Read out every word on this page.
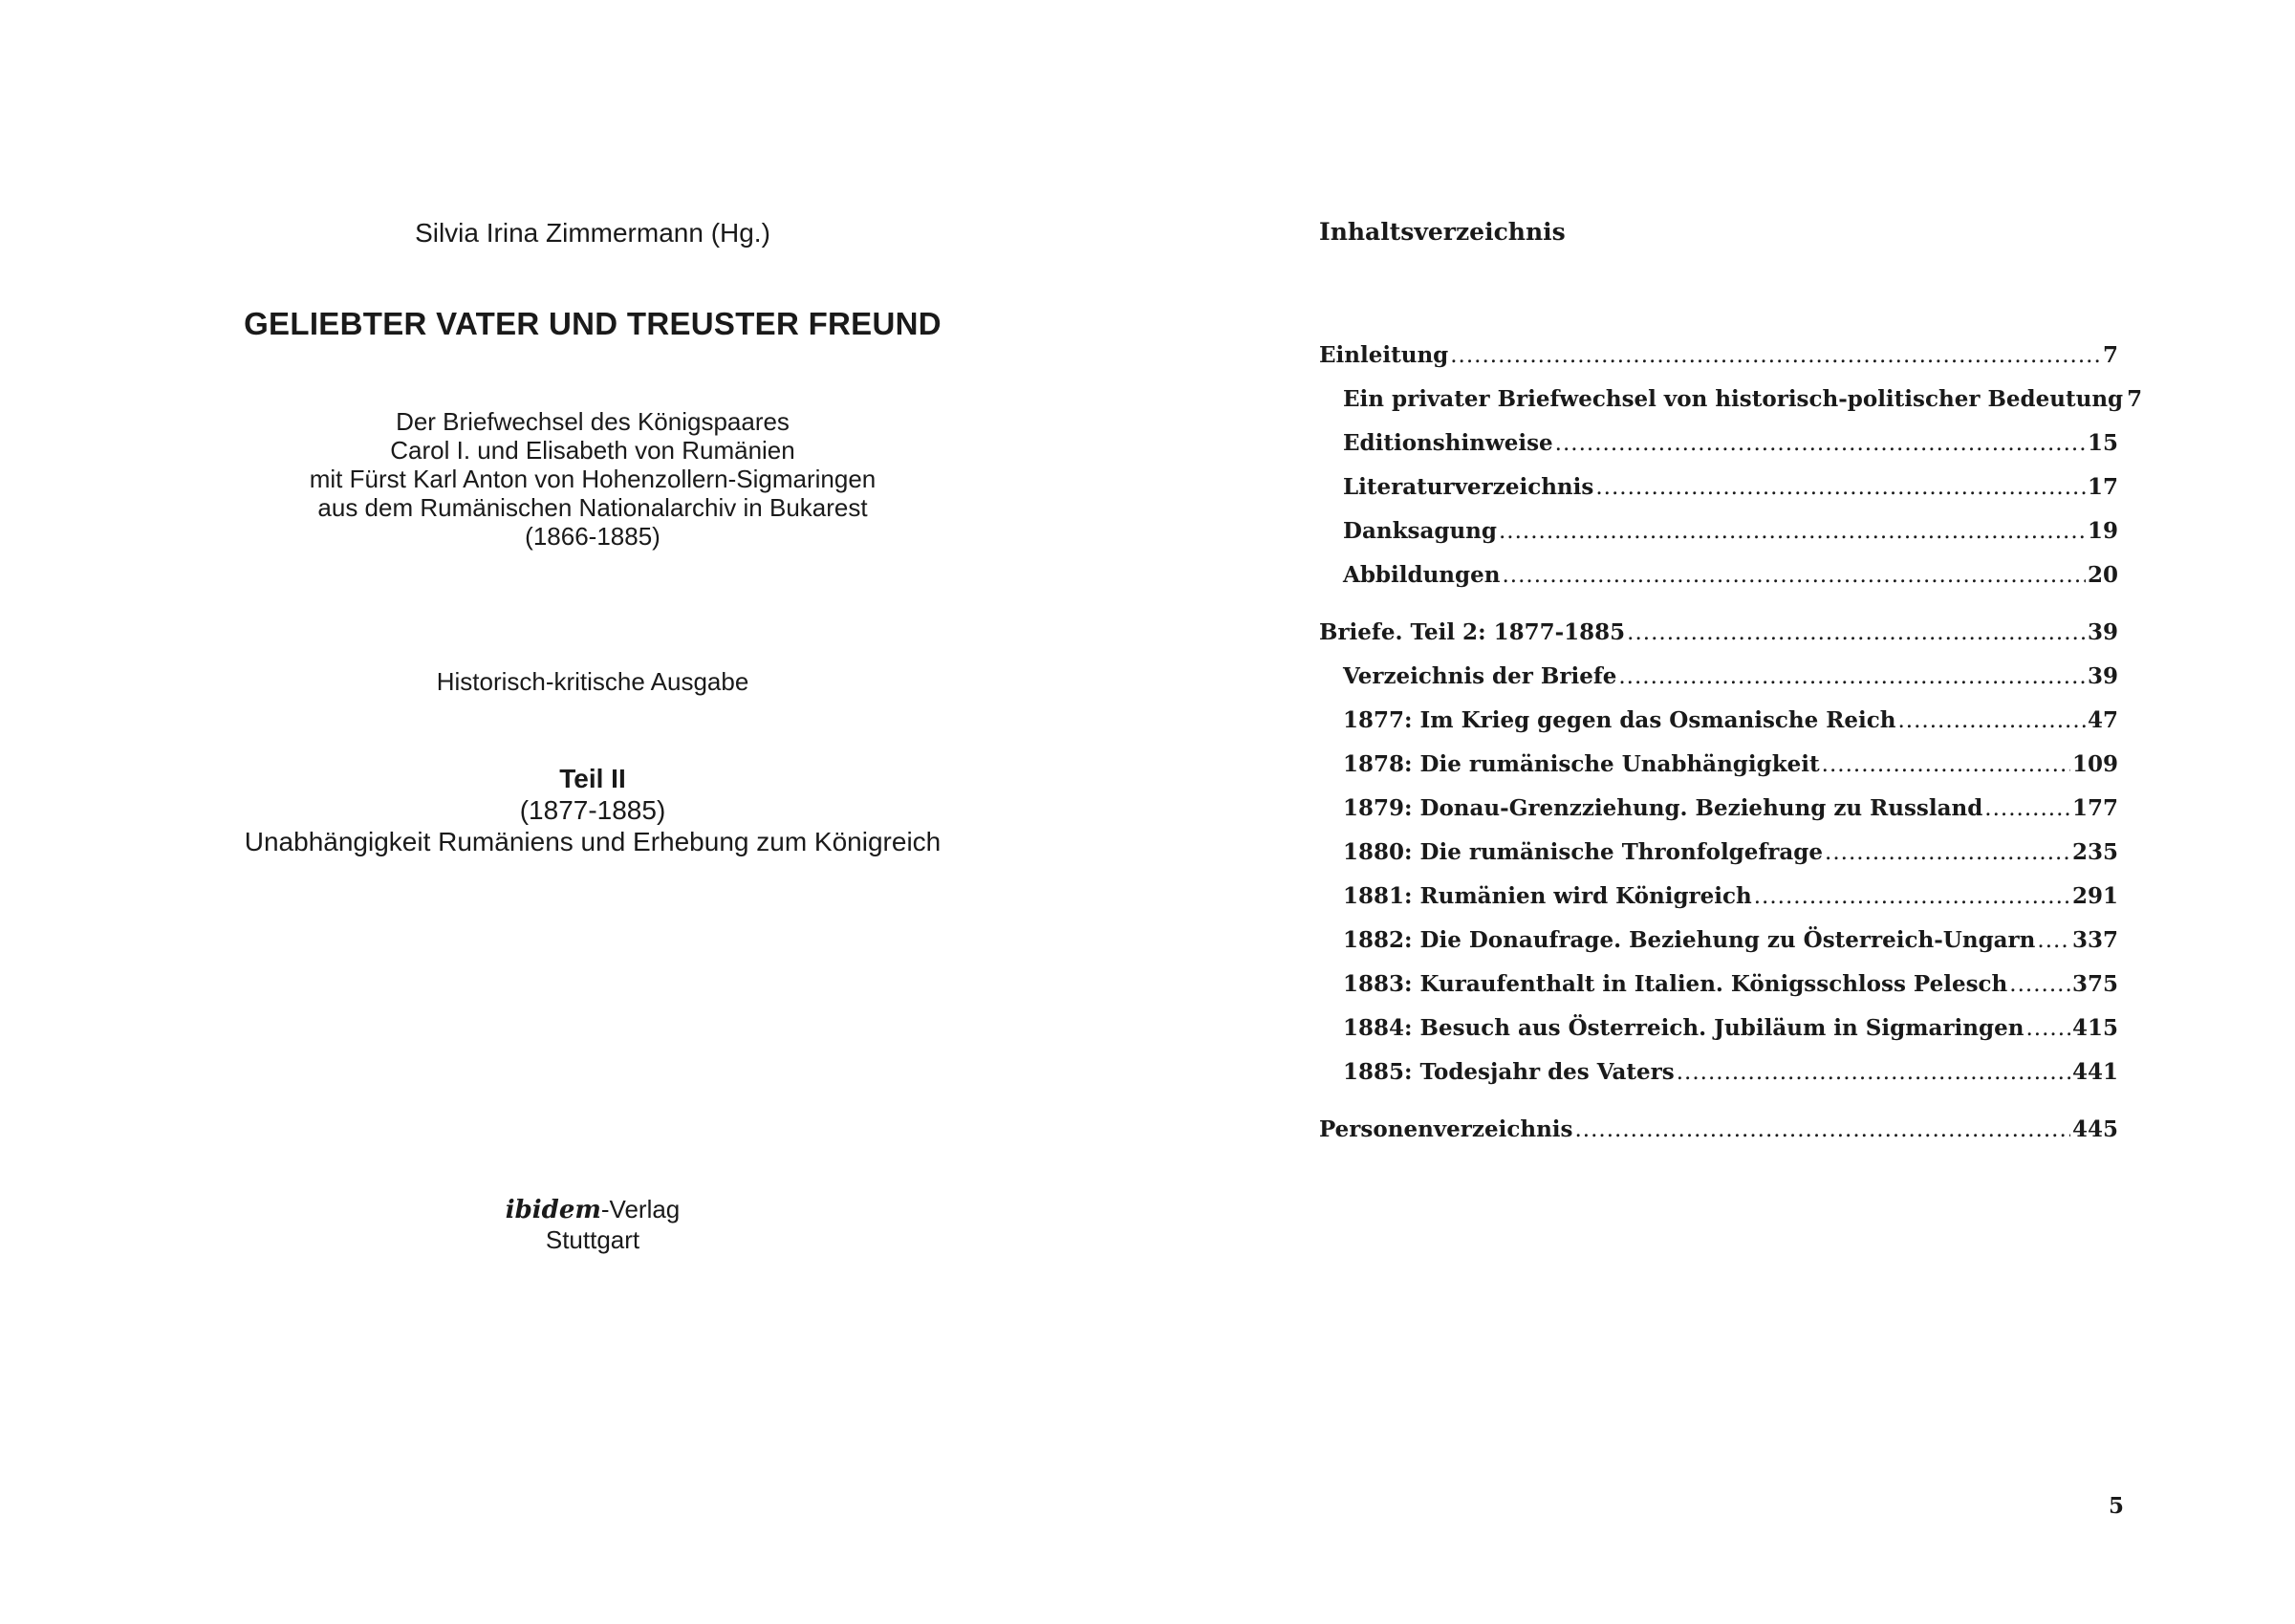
Silvia Irina Zimmermann (Hg.)
GELIEBTER VATER UND TREUSTER FREUND
Der Briefwechsel des Königspaares
Carol I. und Elisabeth von Rumänien
mit Fürst Karl Anton von Hohenzollern-Sigmaringen
aus dem Rumänischen Nationalarchiv in Bukarest
(1866-1885)
Historisch-kritische Ausgabe
Teil II
(1877-1885)
Unabhängigkeit Rumäniens und Erhebung zum Königreich
ibidem-Verlag
Stuttgart
Inhaltsverzeichnis
Einleitung .....	7
Ein privater Briefwechsel von historisch-politischer Bedeutung 7
Editionshinweise .....	15
Literaturverzeichnis .....	17
Danksagung .....	19
Abbildungen .....	20
Briefe. Teil 2: 1877-1885 .....	39
Verzeichnis der Briefe .....	39
1877: Im Krieg gegen das Osmanische Reich .....	47
1878: Die rumänische Unabhängigkeit .....	109
1879: Donau-Grenzziehung. Beziehung zu Russland .....	177
1880: Die rumänische Thronfolgefrage .....	235
1881: Rumänien wird Königreich .....	291
1882: Die Donaufrage. Beziehung zu Österreich-Ungarn ..... 337
1883: Kuraufenthalt in Italien. Königsschloss Pelesch .....	375
1884: Besuch aus Österreich. Jubiläum in Sigmaringen ..... 415
1885: Todesjahr des Vaters .....	441
Personenverzeichnis .....	445
5
